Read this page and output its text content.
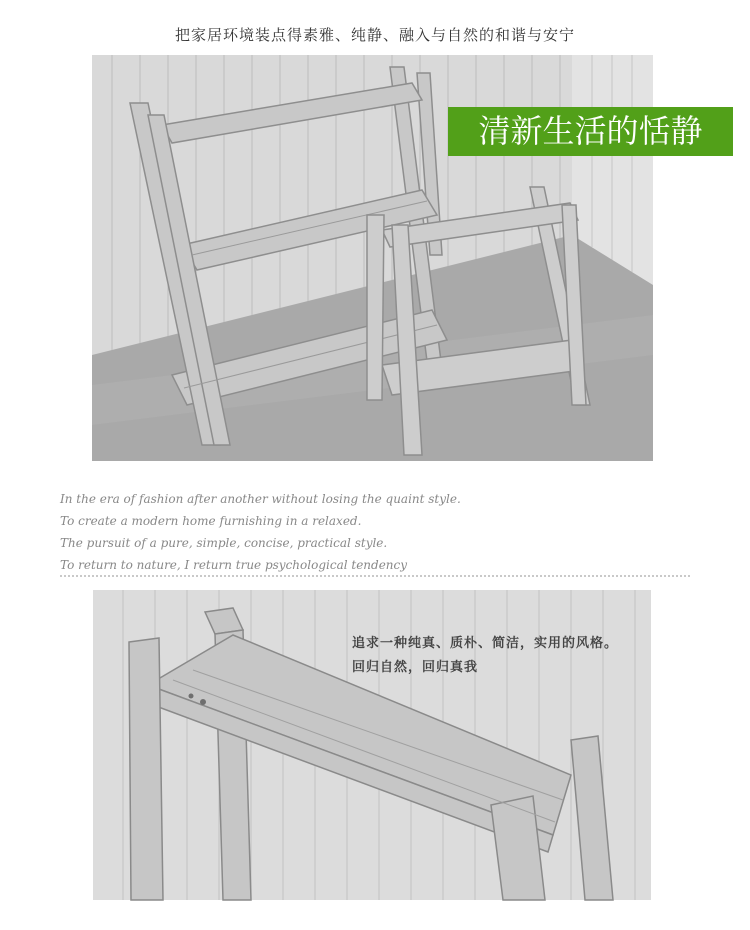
把家居环境装点得素雅、纯静、融入与自然的和谐与安宁
清新生活的恬静
In the era of fashion after another without losing the quaint style.
To create a modern home furnishing in a relaxed.
The pursuit of a pure, simple, concise, practical style.
To return to nature, I return true psychological tendency
追求一种纯真、质朴、简洁，实用的风格。
回归自然，回归真我
